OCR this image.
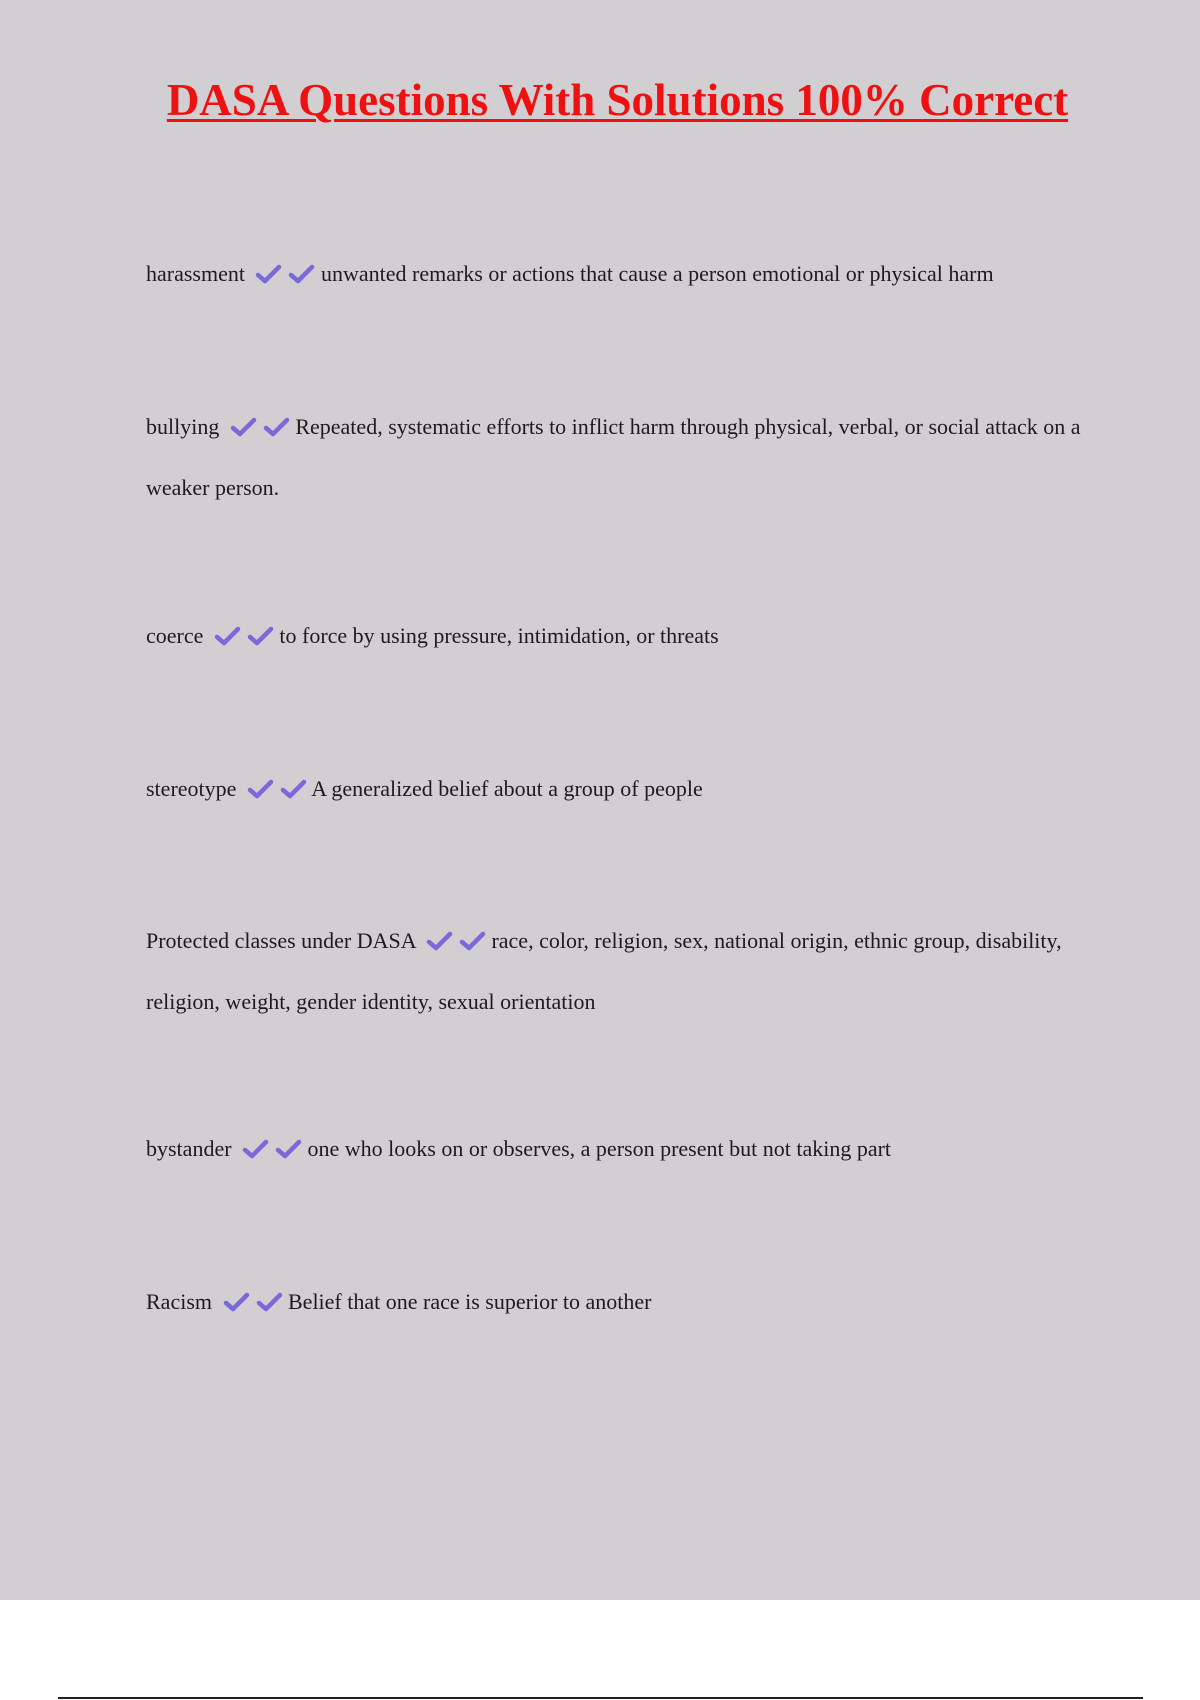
DASA Questions With Solutions 100% Correct

harassment	unwanted remarks or actions that cause a person emotional or physical harm

bullying	Repeated, systematic efforts to inflict harm through physical, verbal, or social attack on a weaker person.

coerce	to force by using pressure, intimidation, or threats

stereotype	A generalized belief about a group of people

Protected classes under DASA	race, color, religion, sex, national origin, ethnic group, disability, religion, weight, gender identity, sexual orientation

bystander	one who looks on or observes, a person present but not taking part

Racism	Belief that one race is superior to another
